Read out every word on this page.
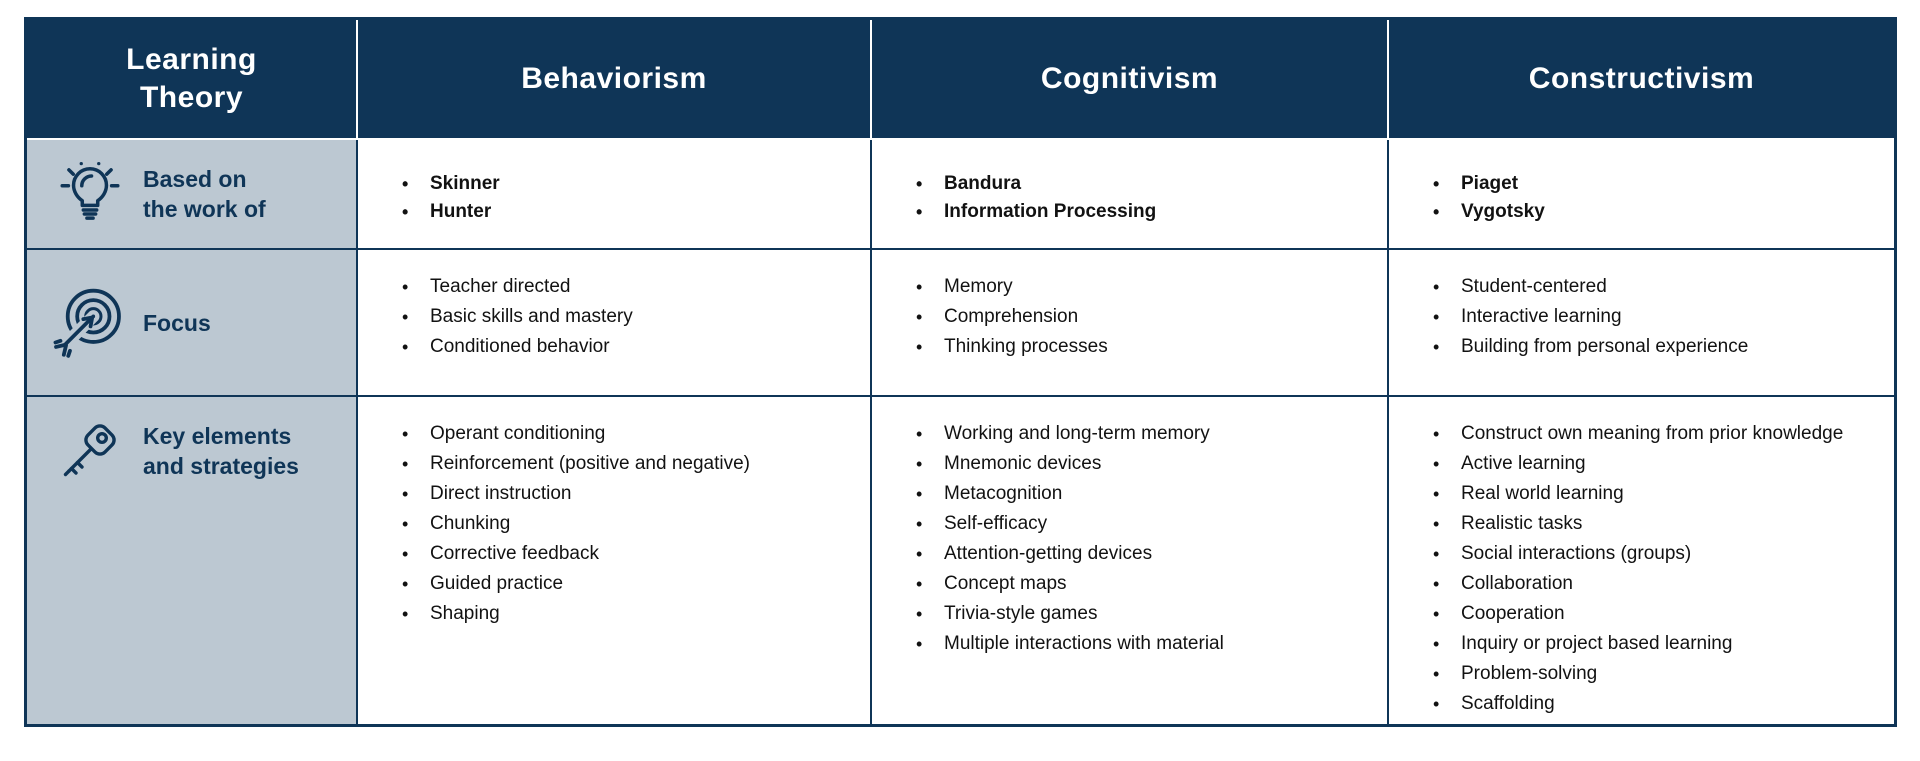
Learning
Theory
Behaviorism	Cognitivism	Constructivism
Based on
the work of
• Skinner
• Hunter
• Bandura
• Information Processing
• Piaget
• Vygotsky
Focus
• Teacher directed
• Basic skills and mastery
• Conditioned behavior
• Memory
• Comprehension
• Thinking processes
• Student-centered
• Interactive learning
• Building from personal experience
Key elements
and strategies
• Operant conditioning
• Reinforcement (positive and negative)
• Direct instruction
• Chunking
• Corrective feedback
• Guided practice
• Shaping
• Working and long-term memory
• Mnemonic devices
• Metacognition
• Self-efficacy
• Attention-getting devices
• Concept maps
• Trivia-style games
• Multiple interactions with material
• Construct own meaning from prior knowledge
• Active learning
• Real world learning
• Realistic tasks
• Social interactions (groups)
• Collaboration
• Cooperation
• Inquiry or project based learning
• Problem-solving
• Scaffolding
